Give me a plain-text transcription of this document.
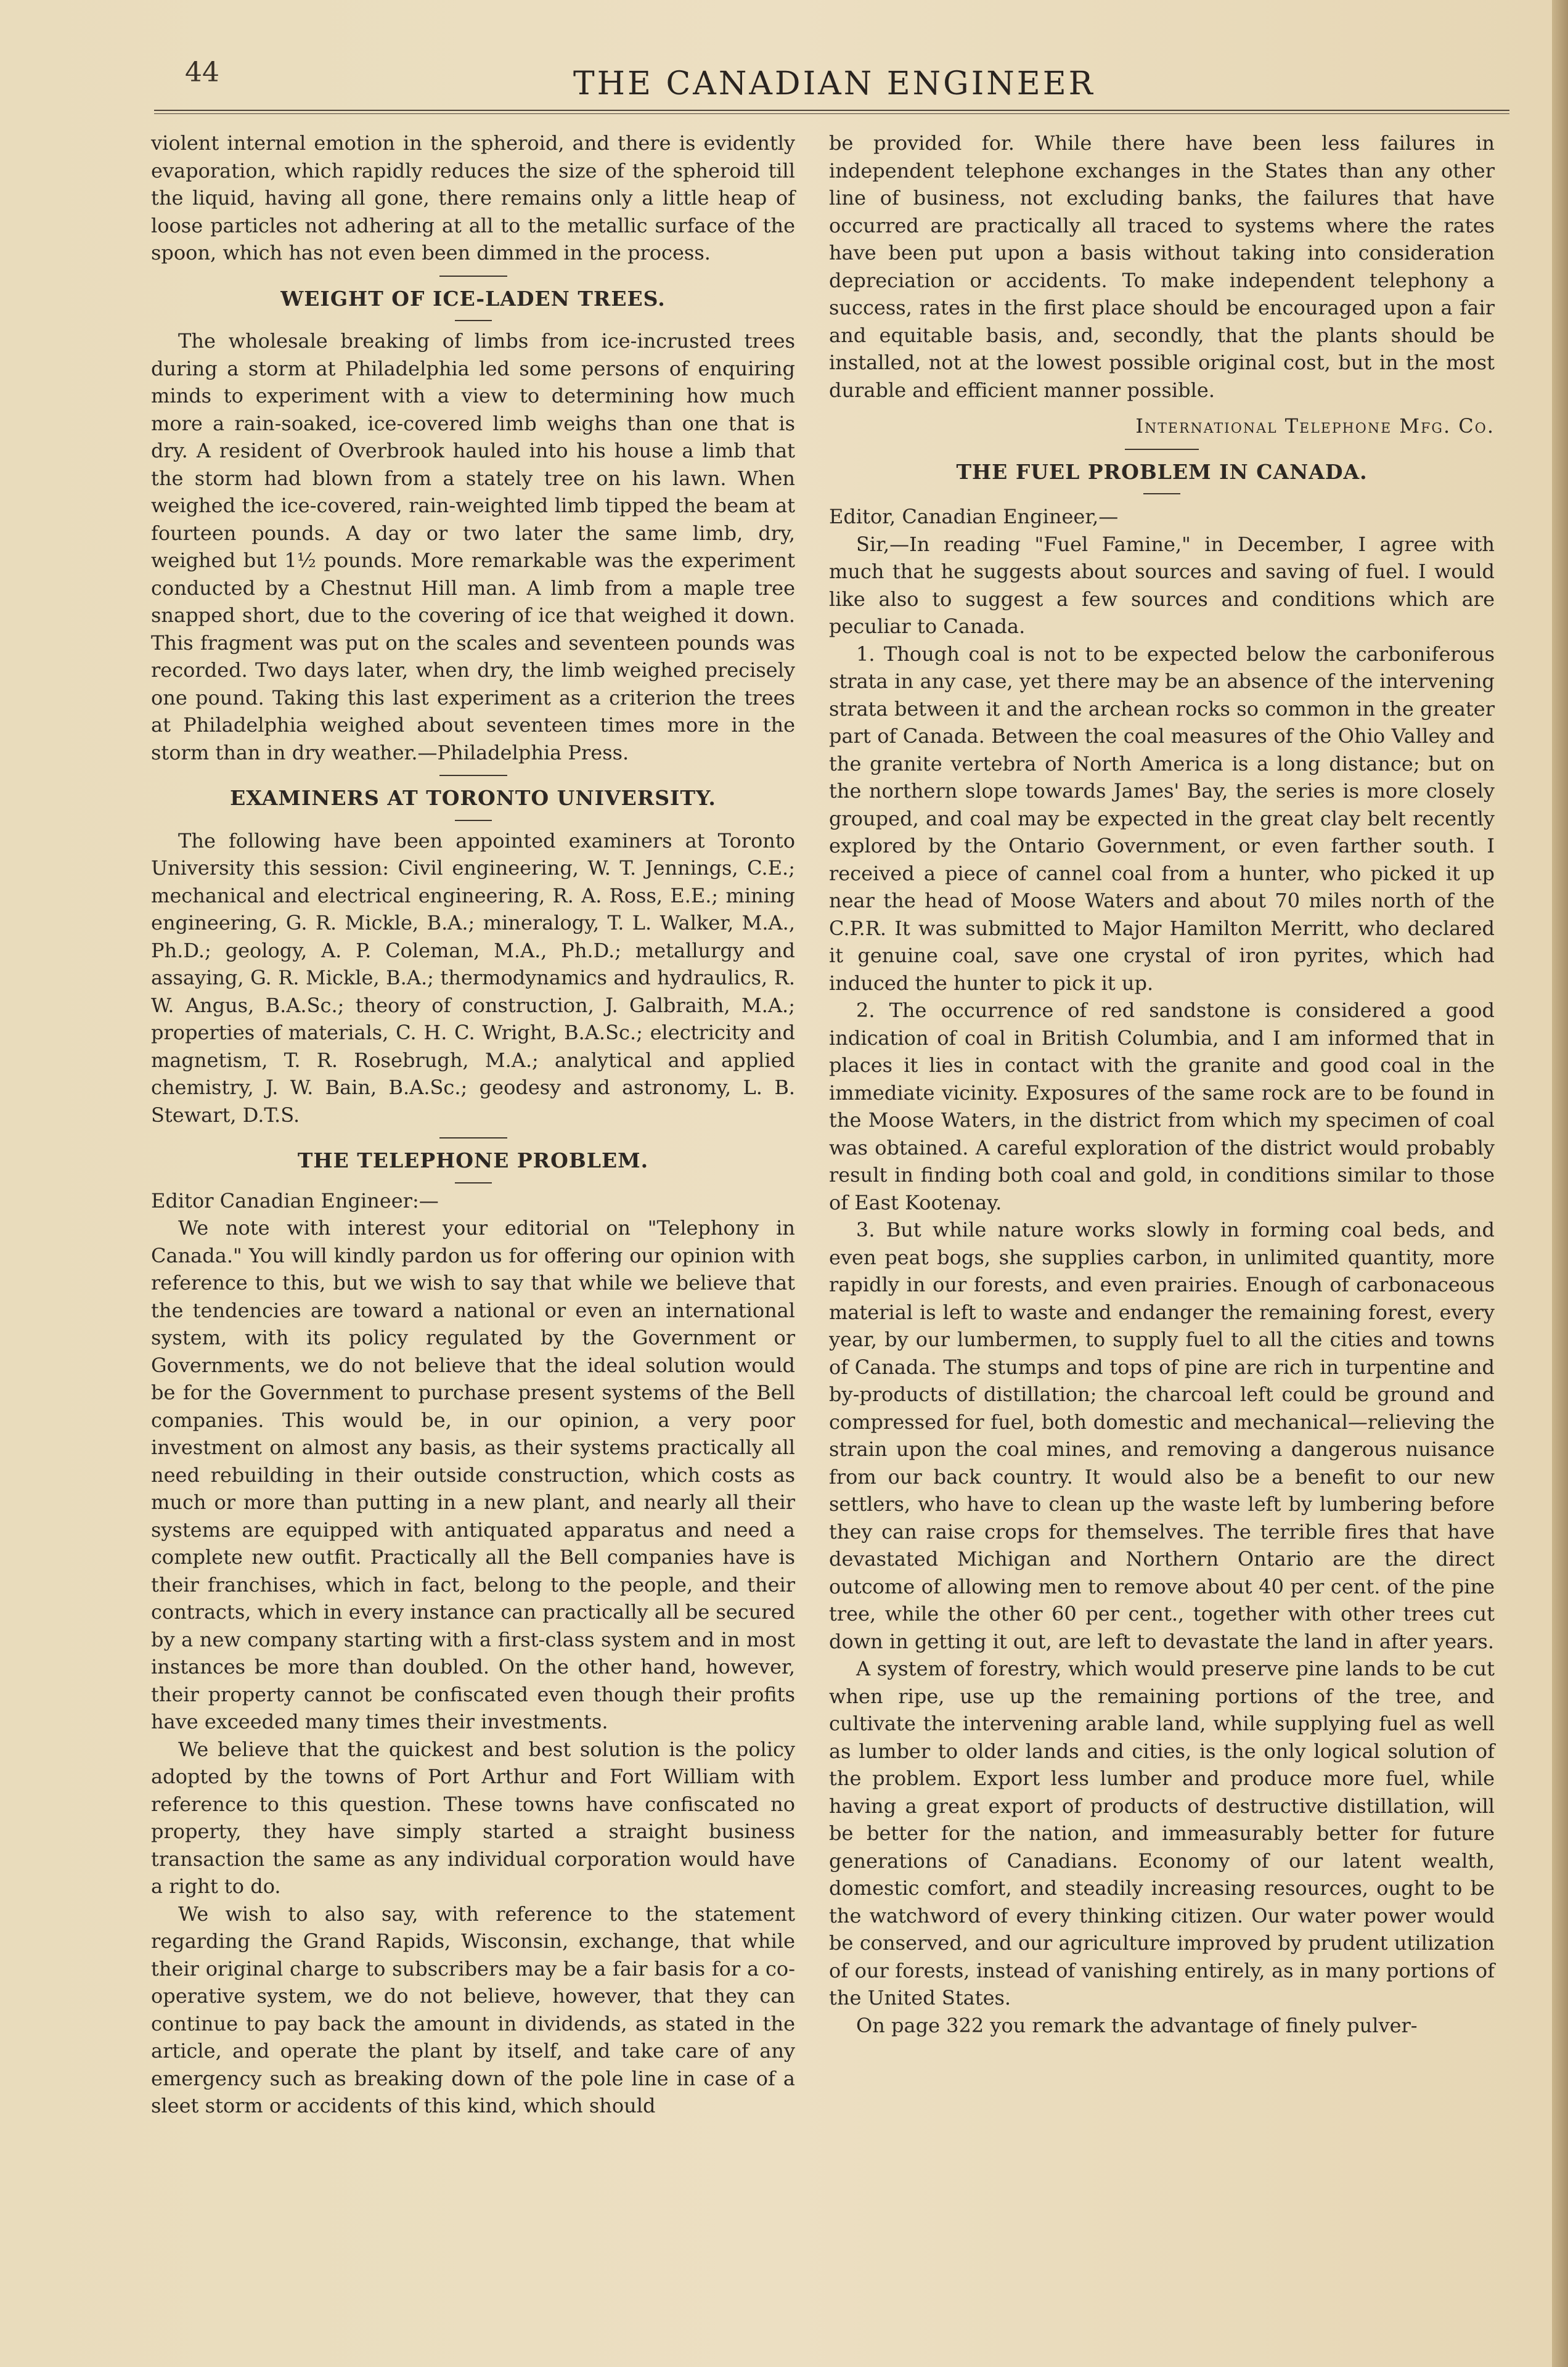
44	THE CANADIAN ENGINEER

violent internal emotion in the spheroid, and there is evidently evaporation, which rapidly reduces the size of the spheroid till the liquid, having all gone, there remains only a little heap of loose particles not adhering at all to the metallic surface of the spoon, which has not even been dimmed in the process.

WEIGHT OF ICE-LADEN TREES.

The wholesale breaking of limbs from ice-incrusted trees during a storm at Philadelphia led some persons of enquiring minds to experiment with a view to determining how much more a rain-soaked, ice-covered limb weighs than one that is dry. A resident of Overbrook hauled into his house a limb that the storm had blown from a stately tree on his lawn. When weighed the ice-covered, rain-weighted limb tipped the beam at fourteen pounds. A day or two later the same limb, dry, weighed but 1½ pounds. More remarkable was the experiment conducted by a Chestnut Hill man. A limb from a maple tree snapped short, due to the covering of ice that weighed it down. This fragment was put on the scales and seventeen pounds was recorded. Two days later, when dry, the limb weighed precisely one pound. Taking this last experiment as a criterion the trees at Philadelphia weighed about seventeen times more in the storm than in dry weather.—Philadelphia Press.

EXAMINERS AT TORONTO UNIVERSITY.

The following have been appointed examiners at Toronto University this session: Civil engineering, W. T. Jennings, C.E.; mechanical and electrical engineering, R. A. Ross, E.E.; mining engineering, G. R. Mickle, B.A.; mineralogy, T. L. Walker, M.A., Ph.D.; geology, A. P. Coleman, M.A., Ph.D.; metallurgy and assaying, G. R. Mickle, B.A.; thermodynamics and hydraulics, R. W. Angus, B.A.Sc.; theory of construction, J. Galbraith, M.A.; properties of materials, C. H. C. Wright, B.A.Sc.; electricity and magnetism, T. R. Rosebrugh, M.A.; analytical and applied chemistry, J. W. Bain, B.A.Sc.; geodesy and astronomy, L. B. Stewart, D.T.S.

THE TELEPHONE PROBLEM.

Editor Canadian Engineer:—

We note with interest your editorial on "Telephony in Canada." You will kindly pardon us for offering our opinion with reference to this, but we wish to say that while we believe that the tendencies are toward a national or even an international system, with its policy regulated by the Government or Governments, we do not believe that the ideal solution would be for the Government to purchase present systems of the Bell companies. This would be, in our opinion, a very poor investment on almost any basis, as their systems practically all need rebuilding in their outside construction, which costs as much or more than putting in a new plant, and nearly all their systems are equipped with antiquated apparatus and need a complete new outfit. Practically all the Bell companies have is their franchises, which in fact, belong to the people, and their contracts, which in every instance can practically all be secured by a new company starting with a first-class system and in most instances be more than doubled. On the other hand, however, their property cannot be confiscated even though their profits have exceeded many times their investments.

We believe that the quickest and best solution is the policy adopted by the towns of Port Arthur and Fort William with reference to this question. These towns have confiscated no property, they have simply started a straight business transaction the same as any individual corporation would have a right to do.

We wish to also say, with reference to the statement regarding the Grand Rapids, Wisconsin, exchange, that while their original charge to subscribers may be a fair basis for a co-operative system, we do not believe, however, that they can continue to pay back the amount in dividends, as stated in the article, and operate the plant by itself, and take care of any emergency such as breaking down of the pole line in case of a sleet storm or accidents of this kind, which should

be provided for. While there have been less failures in independent telephone exchanges in the States than any other line of business, not excluding banks, the failures that have occurred are practically all traced to systems where the rates have been put upon a basis without taking into consideration depreciation or accidents. To make independent telephony a success, rates in the first place should be encouraged upon a fair and equitable basis, and, secondly, that the plants should be installed, not at the lowest possible original cost, but in the most durable and efficient manner possible.

International Telephone Mfg. Co.

THE FUEL PROBLEM IN CANADA.

Editor, Canadian Engineer,—

Sir,—In reading "Fuel Famine," in December, I agree with much that he suggests about sources and saving of fuel. I would like also to suggest a few sources and conditions which are peculiar to Canada.

1. Though coal is not to be expected below the carboniferous strata in any case, yet there may be an absence of the intervening strata between it and the archean rocks so common in the greater part of Canada. Between the coal measures of the Ohio Valley and the granite vertebra of North America is a long distance; but on the northern slope towards James' Bay, the series is more closely grouped, and coal may be expected in the great clay belt recently explored by the Ontario Government, or even farther south. I received a piece of cannel coal from a hunter, who picked it up near the head of Moose Waters and about 70 miles north of the C.P.R. It was submitted to Major Hamilton Merritt, who declared it genuine coal, save one crystal of iron pyrites, which had induced the hunter to pick it up.

2. The occurrence of red sandstone is considered a good indication of coal in British Columbia, and I am informed that in places it lies in contact with the granite and good coal in the immediate vicinity. Exposures of the same rock are to be found in the Moose Waters, in the district from which my specimen of coal was obtained. A careful exploration of the district would probably result in finding both coal and gold, in conditions similar to those of East Kootenay.

3. But while nature works slowly in forming coal beds, and even peat bogs, she supplies carbon, in unlimited quantity, more rapidly in our forests, and even prairies. Enough of carbonaceous material is left to waste and endanger the remaining forest, every year, by our lumbermen, to supply fuel to all the cities and towns of Canada. The stumps and tops of pine are rich in turpentine and by-products of distillation; the charcoal left could be ground and compressed for fuel, both domestic and mechanical—relieving the strain upon the coal mines, and removing a dangerous nuisance from our back country. It would also be a benefit to our new settlers, who have to clean up the waste left by lumbering before they can raise crops for themselves. The terrible fires that have devastated Michigan and Northern Ontario are the direct outcome of allowing men to remove about 40 per cent. of the pine tree, while the other 60 per cent., together with other trees cut down in getting it out, are left to devastate the land in after years.

A system of forestry, which would preserve pine lands to be cut when ripe, use up the remaining portions of the tree, and cultivate the intervening arable land, while supplying fuel as well as lumber to older lands and cities, is the only logical solution of the problem. Export less lumber and produce more fuel, while having a great export of products of destructive distillation, will be better for the nation, and immeasurably better for future generations of Canadians. Economy of our latent wealth, domestic comfort, and steadily increasing resources, ought to be the watchword of every thinking citizen. Our water power would be conserved, and our agriculture improved by prudent utilization of our forests, instead of vanishing entirely, as in many portions of the United States.

On page 322 you remark the advantage of finely pulver-
